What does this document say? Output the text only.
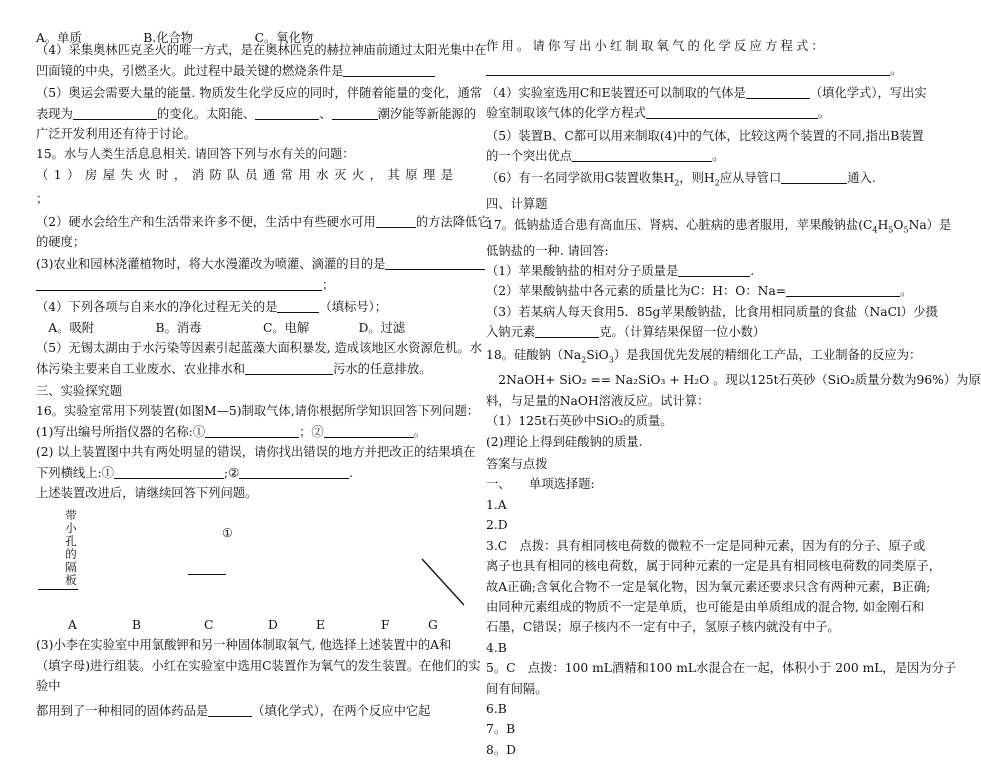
A。单质　　　　　B.化合物　　　　　C。氧化物
（4）采集奥林匹克圣火的唯一方式，是在奥林匹克的赫拉神庙前通过太阳光集中在
凹面镜的中央，引燃圣火。此过程中最关键的燃烧条件是
（5）奥运会需要大量的能量. 物质发生化学反应的同时，伴随着能量的变化，通常
表现为	的变化。太阳能、	、	潮汐能等新能源的
广泛开发利用还有待于讨论。
15。水与人类生活息息相关. 请回答下列与水有关的问题：
（1）房屋失火时，消防队员通常用水灭火，其原理是
；
（2）硬水会给生产和生活带来许多不便，生活中有些硬水可用	的方法降低它
的硬度；
(3)农业和园林浇灌植物时，将大水漫灌改为喷灌、滴灌的目的是
；
（4）下列各项与自来水的净化过程无关的是	（填标号）；
　A。吸附　　　　　B。消毒　　　　　C。电解　　　　D。过滤
（5）无锡太湖由于水污染等因素引起蓝藻大面积暴发, 造成该地区水资源危机。水
体污染主要来自工业废水、农业排水和	污水的任意排放。
三、实验探究题
16。实验室常用下列装置(如图M—5)制取气体,请你根据所学知识回答下列问题：
(1)写出编号所指仪器的名称:①	；②	。
(2) 以上装置图中共有两处明显的错误，请你找出错误的地方并把改正的结果填在
下列横线上:①	;②	.
上述装置改进后，请继续回答下列问题。
带小孔的隔板
①
A	B	C	D	E	F	G
(3)小李在实验室中用氯酸钾和另一种固体制取氧气, 他选择上述装置中的A和
（填字母)进行组装。小红在实验室中选用C装置作为氧气的发生装置。在他们的实
验中
都用到了一种相同的固体药品是	（填化学式），在两个反应中它起
作用。请你写出小红制取氧气的化学反应方程式：
。
（4）实验室选用C和E装置还可以制取的气体是	（填化学式），写出实
验室制取该气体的化学方程式	。
（5）装置B、C都可以用来制取(4)中的气体，比较这两个装置的不同,指出B装置
的一个突出优点	。
（6）有一名同学欲用G装置收集$H_2$，则$H_2$应从导管口	通入.
四、计算题
17。低钠盐适合患有高血压、肾病、心脏病的患者服用，苹果酸钠盐$(C_4H_5O_5Na)$是
低钠盐的一种. 请回答:
（1）苹果酸钠盐的相对分子质量是	.
（2）苹果酸钠盐中各元素的质量比为C：H：O：Na=	。
（3）若某病人每天食用5．85g苹果酸钠盐，比食用相同质量的食盐（NaCl）少摄
入钠元素	克。（计算结果保留一位小数）
18。硅酸钠$(Na_2SiO_3)$是我国优先发展的精细化工产品，工业制备的反应为：
　2NaOH+ SiO₂ == Na₂SiO₃ + H₂O 。现以125t石英砂（SiO₂质量分数为96%）为原
料，与足量的NaOH溶液反应。试计算：
（1）125t石英砂中SiO₂的质量。
(2)理论上得到硅酸钠的质量.
答案与点拨
一、　　单项选择题:
1.A
2.D
3.C　点拨：具有相同核电荷数的微粒不一定是同种元素，因为有的分子、原子或
离子也具有相同的核电荷数，属于同种元素的一定是具有相同核电荷数的同类原子，
故A正确;含氧化合物不一定是氧化物，因为氧元素还要求只含有两种元素，B正确;
由同种元素组成的物质不一定是单质，也可能是由单质组成的混合物, 如金刚石和
石墨，C错误；原子核内不一定有中子，氢原子核内就没有中子。
4.B
5。C　点拨：100 mL酒精和100 mL水混合在一起，体积小于 200 mL，是因为分子
间有间隔。
6.B
7。B
8。D
